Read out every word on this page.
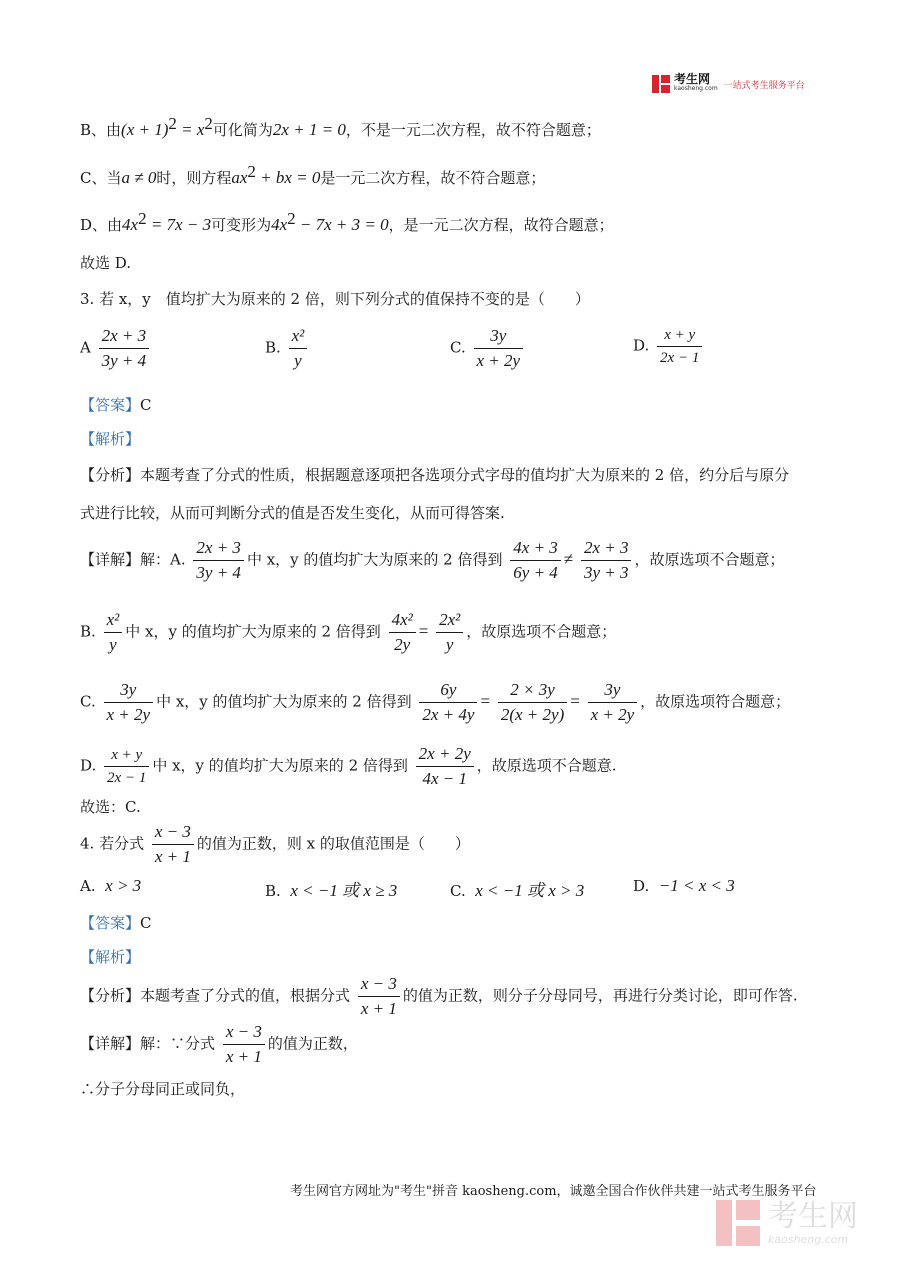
考生网
kaosheng.com 一站式考生服务平台
B、由$(x + 1)^2 = x^2$可化简为2x + 1 = 0，不是一元二次方程，故不符合题意；
C、当a ≠ 0时，则方程$ax^2$ + bx = 0是一元二次方程，故不符合题意；
D、由$4x^2 = 7x - 3$可变形为$4x^2 - 7x + 3 = 0$，是一元二次方程，故符合题意；
故选 D.
3. 若 x，y　值均扩大为原来的 2 倍，则下列分式的值保持不变的是（　　）
A $\frac{2x + 3}{3y + 4}$	B. $\frac{\text{x²}}{y}$	C. $\frac{3y}{x + 2y}$	D. $\frac{x + y}{2x - 1}$
【答案】C
【解析】
【分析】本题考查了分式的性质，根据题意逐项把各选项分式字母的值均扩大为原来的 2 倍，约分后与原分
式进行比较，从而可判断分式的值是否发生变化，从而可得答案.
【详解】解：A. $\frac{2x + 3}{3y + 4}$ 中 x，y 的值均扩大为原来的 2 倍得到 $\frac{4x + 3}{6y + 4} \ne \frac{2x + 3}{3y + 3}$ ，故原选项不合题意；
B. $\frac{\text{x²}}{y}$ 中 x，y 的值均扩大为原来的 2 倍得到 $\frac{\text{4x²}}{2y} = \frac{\text{2x²}}{y}$ ，故原选项不合题意；
C. $\frac{3y}{x + 2y}$ 中 x，y 的值均扩大为原来的 2 倍得到 $\frac{6y}{2x + 4y} = \frac{2 \times 3y}{2(x + 2y)} = \frac{3y}{x + 2y}$ ，故原选项符合题意；
D. $\frac{x + y}{2x - 1}$ 中 x，y 的值均扩大为原来的 2 倍得到 $\frac{2x + 2y}{4x - 1}$ ，故原选项不合题意.
故选：C.
4. 若分式 $\frac{x - 3}{x + 1}$ 的值为正数，则 x 的取值范围是（　　）
A. x > 3	B. x < −1 或 x ≥ 3	C. x < −1 或 x > 3	D. −1 < x < 3
【答案】C
【解析】
【分析】本题考查了分式的值，根据分式 $\frac{x - 3}{x + 1}$ 的值为正数，则分子分母同号，再进行分类讨论，即可作答.
【详解】解：∵分式 $\frac{x - 3}{x + 1}$ 的值为正数，
∴分子分母同正或同负，
考生网官方网址为"考生"拼音 kaosheng.com，诚邀全国合作伙伴共建一站式考生服务平台
考生网
kaosheng.com
